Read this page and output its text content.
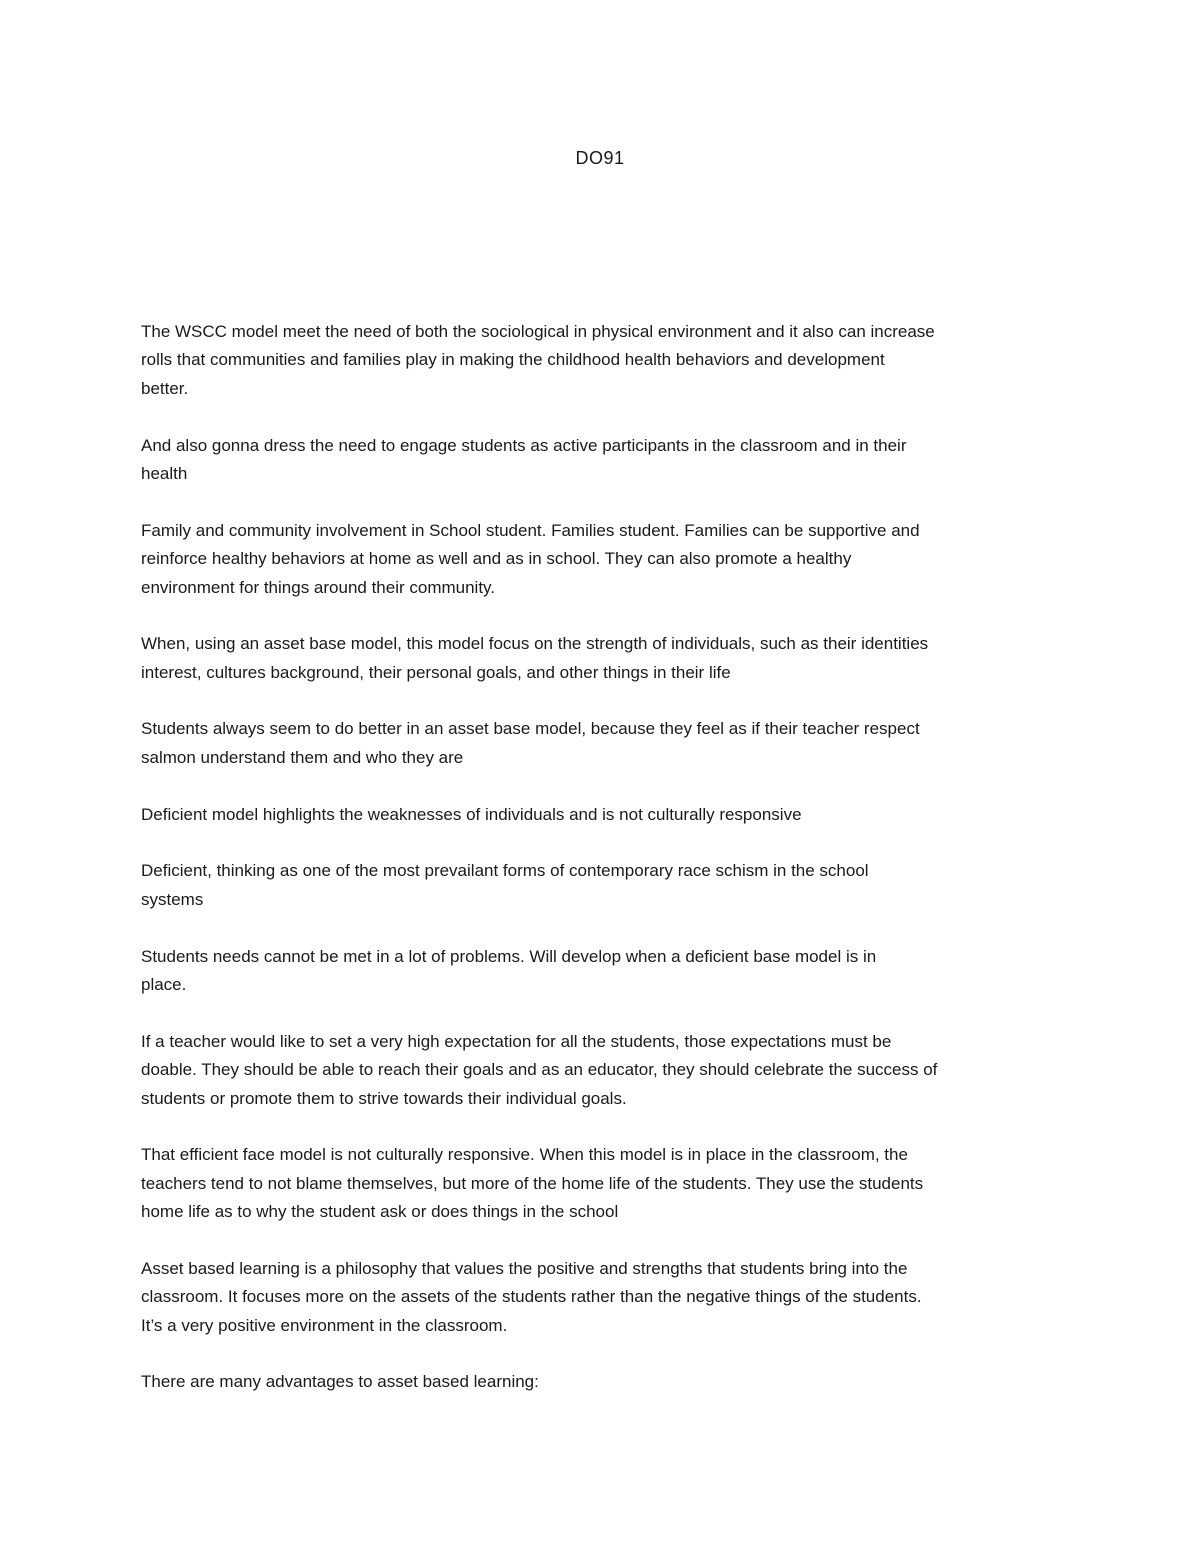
DO91

The WSCC model meet the need of both the sociological in physical environment and it also can increase
rolls that communities and families play in making the childhood health behaviors and development
better.

And also gonna dress the need to engage students as active participants in the classroom and in their
health

Family and community involvement in School student. Families student. Families can be supportive and
reinforce healthy behaviors at home as well and as in school. They can also promote a healthy
environment for things around their community.

When, using an asset base model, this model focus on the strength of individuals, such as their identities
interest, cultures background, their personal goals, and other things in their life

Students always seem to do better in an asset base model, because they feel as if their teacher respect
salmon understand them and who they are

Deficient model highlights the weaknesses of individuals and is not culturally responsive

Deficient, thinking as one of the most prevailant forms of contemporary race schism in the school
systems

Students needs cannot be met in a lot of problems. Will develop when a deficient base model is in
place.

If a teacher would like to set a very high expectation for all the students, those expectations must be
doable. They should be able to reach their goals and as an educator, they should celebrate the success of
students or promote them to strive towards their individual goals.

That efficient face model is not culturally responsive. When this model is in place in the classroom, the
teachers tend to not blame themselves, but more of the home life of the students. They use the students
home life as to why the student ask or does things in the school

Asset based learning is a philosophy that values the positive and strengths that students bring into the
classroom. It focuses more on the assets of the students rather than the negative things of the students.
It’s a very positive environment in the classroom.

There are many advantages to asset based learning:
